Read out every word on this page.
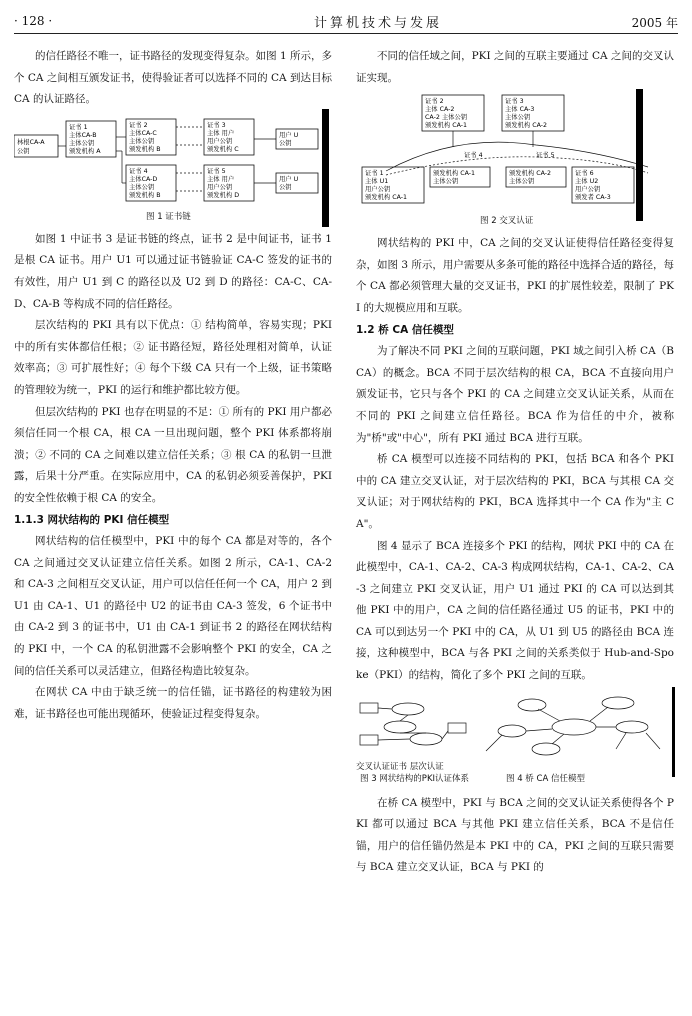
· 128 ·	计算机技术与发展	2005 年
的信任路径不唯一，证书路径的发现变得复杂。如图 1 所示，多个 CA 之间相互颁发证书，使得验证者可以选择不同的 CA 到达目标 CA 的认证路径。
林根CA-A
公钥
证书 1
主体CA-B
主体公钥
颁发机构 A
证书 2
主体CA-C
主体公钥
颁发机构 B
证书 3
主体 用户
用户公钥
颁发机构 C
证书 4
主体CA-D
主体公钥
颁发机构 B
证书 5
主体 用户
用户公钥
颁发机构 D
用户 U
公钥
用户 U
公钥
图 1 证书链
如图 1 中证书 3 是证书链的终点，证书 2 是中间证书，证书 1 是根 CA 证书。用户 U1 可以通过证书链验证 CA-C 签发的证书的有效性，用户 U1 到 C 的路径以及 U2 到 D 的路径：CA-C、CA-D、CA-B 等构成不同的信任路径。
层次结构的 PKI 具有以下优点：① 结构简单，容易实现；PKI 中的所有实体都信任根；② 证书路径短，路径处理相对简单，认证效率高；③ 可扩展性好；④ 每个下级 CA 只有一个上级，证书策略的管理较为统一，PKI 的运行和维护都比较方便。
但层次结构的 PKI 也存在明显的不足：① 所有的 PKI 用户都必须信任同一个根 CA，根 CA 一旦出现问题，整个 PKI 体系都将崩溃；② 不同的 CA 之间难以建立信任关系；③ 根 CA 的私钥一旦泄露，后果十分严重。在实际应用中，CA 的私钥必须妥善保护，PKI 的安全性依赖于根 CA 的安全。
1.1.3 网状结构的 PKI 信任模型
网状结构的信任模型中，PKI 中的每个 CA 都是对等的，各个 CA 之间通过交叉认证建立信任关系。如图 2 所示，CA-1、CA-2 和 CA-3 之间相互交叉认证，用户可以信任任何一个 CA，用户 2 到 U1 由 CA-1、U1 的路径中 U2 的证书由 CA-3 签发，6 个证书中由 CA-2 到 3 的证书中，U1 由 CA-1 到证书 2 的路径在网状结构的 PKI 中，一个 CA 的私钥泄露不会影响整个 PKI 的安全，CA 之间的信任关系可以灵活建立，但路径构造比较复杂。
在网状 CA 中由于缺乏统一的信任锚，证书路径的构建较为困难，证书路径也可能出现循环，使验证过程变得复杂。
不同的信任域之间，PKI 之间的互联主要通过 CA 之间的交叉认证实现。
证书 2
主体 CA-2
CA-2 主体公钥
颁发机构 CA-1
证书 3
主体 CA-3
主体公钥
颁发机构 CA-2
证书 4	证书 5
证书 1
主体 U1
用户公钥
颁发机构 CA-1
颁发机构 CA-1
主体公钥
颁发机构 CA-2
主体公钥
证书 6
主体 U2
用户公钥
颁发者 CA-3
图 2 交叉认证
网状结构的 PKI 中，CA 之间的交叉认证使得信任路径变得复杂，如图 3 所示，用户需要从多条可能的路径中选择合适的路径，每个 CA 都必须管理大量的交叉证书，PKI 的扩展性较差，限制了 PKI 的大规模应用和互联。
1.2 桥 CA 信任模型
为了解决不同 PKI 之间的互联问题，PKI 域之间引入桥 CA（BCA）的概念。BCA 不同于层次结构的根 CA，BCA 不直接向用户颁发证书，它只与各个 PKI 的 CA 之间建立交叉认证关系，从而在不同的 PKI 之间建立信任路径。BCA 作为信任的中介，被称为"桥"或"中心"，所有 PKI 通过 BCA 进行互联。
桥 CA 模型可以连接不同结构的 PKI，包括 BCA 和各个 PKI 中的 CA 建立交叉认证，对于层次结构的 PKI，BCA 与其根 CA 交叉认证；对于网状结构的 PKI，BCA 选择其中一个 CA 作为"主 CA"。
图 4 显示了 BCA 连接多个 PKI 的结构，网状 PKI 中的 CA 在此模型中，CA-1、CA-2、CA-3 构成网状结构，CA-1、CA-2、CA-3 之间建立 PKI 交叉认证，用户 U1 通过 PKI 的 CA 可以达到其他 PKI 中的用户，CA 之间的信任路径通过 U5 的证书，PKI 中的 CA 可以到达另一个 PKI 中的 CA，从 U1 到 U5 的路径由 BCA 连接，这种模型中，BCA 与各 PKI 之间的关系类似于 Hub-and-Spoke（PKI）的结构，简化了多个 PKI 之间的互联。
交叉认证证书 层次认证
图 3 网状结构的PKI认证体系	图 4 桥 CA 信任模型
在桥 CA 模型中，PKI 与 BCA 之间的交叉认证关系使得各个 PKI 都可以通过 BCA 与其他 PKI 建立信任关系，BCA 不是信任锚，用户的信任锚仍然是本 PKI 中的 CA，PKI 之间的互联只需要与 BCA 建立交叉认证，BCA 与 PKI 的
